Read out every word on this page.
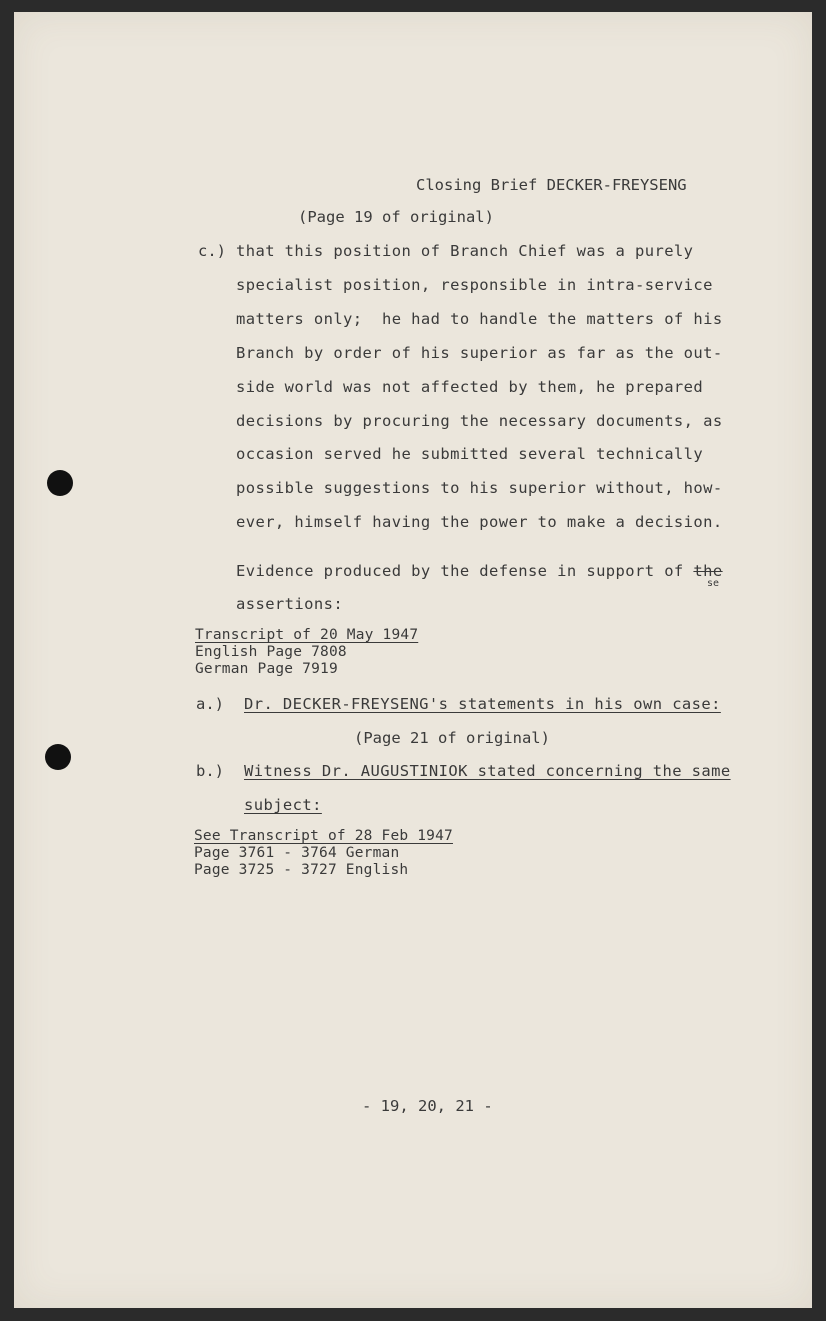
Closing Brief DECKER-FREYSENG
(Page 19 of original)
c.) that this position of Branch Chief was a purely
specialist position, responsible in intra-service
matters only;  he had to handle the matters of his
Branch by order of his superior as far as the out-
side world was not affected by them, he prepared
decisions by procuring the necessary documents, as
occasion served he submitted several technically
possible suggestions to his superior without, how-
ever, himself having the power to make a decision.
Evidence produced by the defense in support of the
se
assertions:
Transcript of 20 May 1947
English Page 7808
German Page 7919
a.) Dr. DECKER-FREYSENG's statements in his own case:
(Page 21 of original)
b.) Witness Dr. AUGUSTINIOK stated concerning the same
subject:
See Transcript of 28 Feb 1947
Page 3761 - 3764 German
Page 3725 - 3727 English
- 19, 20, 21 -
